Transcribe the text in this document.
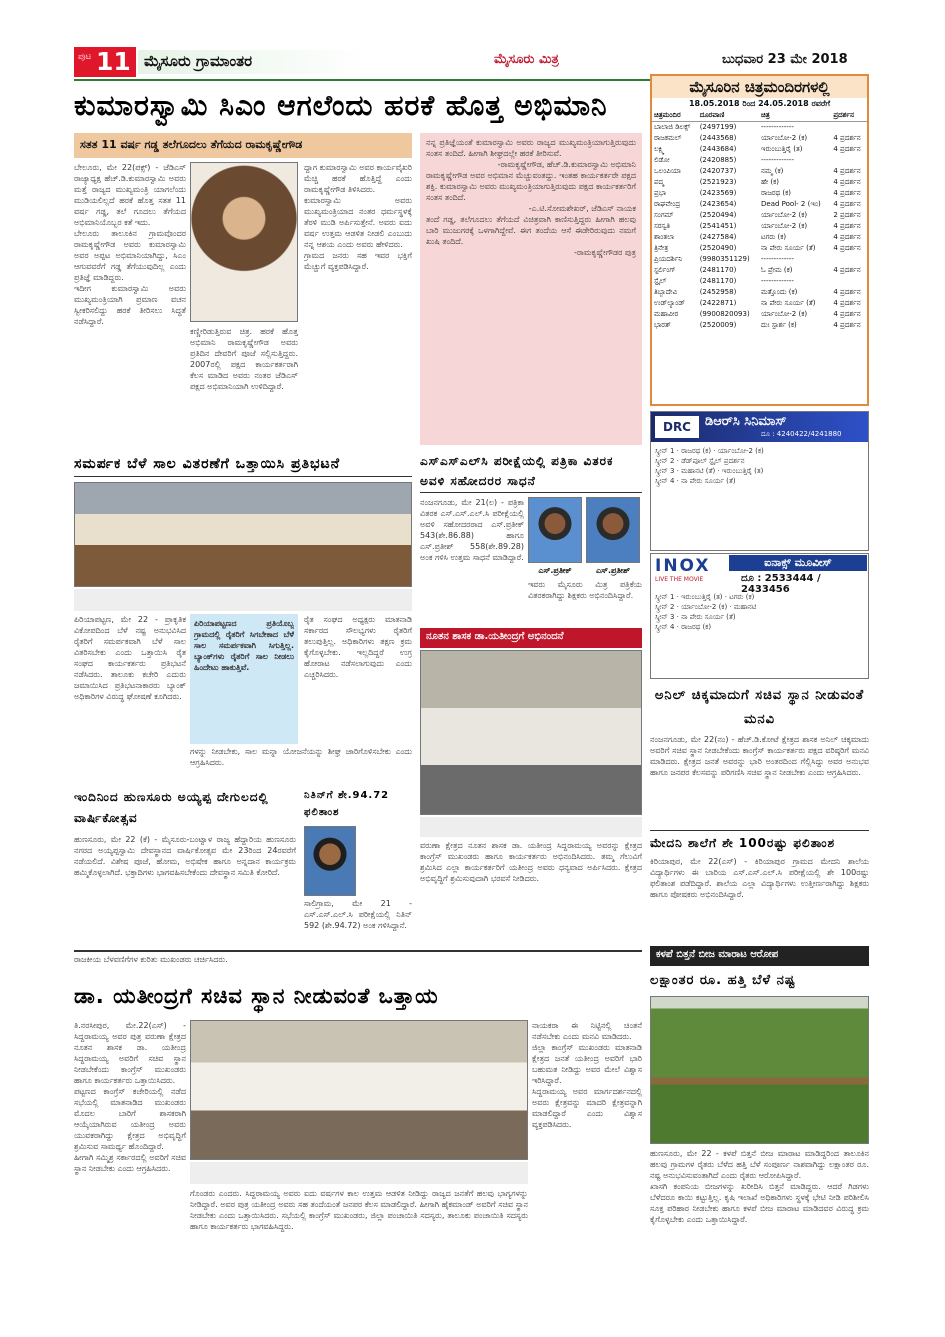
ಪುಟ 11 ಮೈಸೂರು ಗ್ರಾಮಾಂತರ	ಮೈಸೂರು ಮಿತ್ರ	ಬುಧವಾರ 23 ಮೇ 2018
ಕುಮಾರಸ್ವಾಮಿ ಸಿಎಂ ಆಗಲೆಂದು ಹರಕೆ ಹೊತ್ತ ಅಭಿಮಾನಿ
ಸತತ 11 ವರ್ಷ ಗಡ್ಡ ತಲೆಗೂದಲು ತೆಗೆಯದ ರಾಮಕೃಷ್ಣೇಗೌಡ
ಬೇಲೂರು, ಮೇ 22(ಪಕ್ಸ್) - ಜೆಡಿಎಸ್ ರಾಜ್ಯಾಧ್ಯಕ್ಷ ಹೆಚ್.ಡಿ.ಕುಮಾರಸ್ವಾಮಿ ಅವರು ಮತ್ತೆ ರಾಜ್ಯದ ಮುಖ್ಯಮಂತ್ರಿ ಯಾಗಲೆಂದು ಮುಡಿಯಲಿಲ್ಲದೆ ಹರಕೆ ಹೊತ್ತ ಸತತ 11 ವರ್ಷ ಗಡ್ಡ, ತಲೆ ಗೂದಲು ತೆಗೆಯದ ಅಭಿಮಾನಿಯೊಬ್ಬರ ಕತೆ ಇದು.
ಬೇಲೂರು ತಾಲೂಕಿನ ಗ್ರಾಮವೊಂದರ ರಾಮಕೃಷ್ಣೇಗೌಡ ಅವರು ಕುಮಾರಸ್ವಾಮಿ ಅವರ ಅಪ್ಪಟ ಅಭಿಮಾನಿಯಾಗಿದ್ದು, ಸಿಎಂ ಆಗುವವರೆಗೆ ಗಡ್ಡ ತೆಗೆಯುವುದಿಲ್ಲ ಎಂದು ಪ್ರತಿಜ್ಞೆ ಮಾಡಿದ್ದರು.
ಇದೀಗ ಕುಮಾರಸ್ವಾಮಿ ಅವರು ಮುಖ್ಯಮಂತ್ರಿಯಾಗಿ ಪ್ರಮಾಣ ವಚನ ಸ್ವೀಕರಿಸಲಿದ್ದು ಹರಕೆ ತೀರಿಸಲು ಸಿದ್ಧತೆ ನಡೆಸಿದ್ದಾರೆ.
ಕಣ್ಣೀರಿಡುತ್ತಿರುವ ಚಿತ್ರ. ಹರಕೆ ಹೊತ್ತ ಅಭಿಮಾನಿ ರಾಮಕೃಷ್ಣೇಗೌಡ ಅವರು ಪ್ರತಿದಿನ ದೇವರಿಗೆ ಪೂಜೆ ಸಲ್ಲಿಸುತ್ತಿದ್ದರು. 2007ರಲ್ಲಿ ಪಕ್ಷದ ಕಾರ್ಯಕರ್ತರಾಗಿ ಕೆಲಸ ಮಾಡಿದ ಅವರು ನಂತರ ಜೆಡಿಎಸ್ ಪಕ್ಷದ ಅಭಿಮಾನಿಯಾಗಿ ಉಳಿದಿದ್ದಾರೆ.
ದ್ದಾಗ ಕುಮಾರಸ್ವಾಮಿ ಅವರ ಕಾರ್ಯವೈಖರಿ ಮೆಚ್ಚಿ ಹರಕೆ ಹೊತ್ತಿದ್ದೆ ಎಂದು ರಾಮಕೃಷ್ಣೇಗೌಡ ತಿಳಿಸಿದರು.
ಕುಮಾರಸ್ವಾಮಿ ಅವರು ಮುಖ್ಯಮಂತ್ರಿಯಾದ ನಂತರ ಧರ್ಮಸ್ಥಳಕ್ಕೆ ತೆರಳಿ ಮುಡಿ ಅರ್ಪಿಸುತ್ತೇನೆ. ಅವರು ಐದು ವರ್ಷ ಉತ್ತಮ ಆಡಳಿತ ನೀಡಲಿ ಎಂಬುದು ನನ್ನ ಆಶಯ ಎಂದು ಅವರು ಹೇಳಿದರು.
ಗ್ರಾಮದ ಜನರು ಸಹ ಇವರ ಭಕ್ತಿಗೆ ಮೆಚ್ಚುಗೆ ವ್ಯಕ್ತಪಡಿಸಿದ್ದಾರೆ.
ನನ್ನ ಪ್ರತಿಜ್ಞೆಯಂತೆ ಕುಮಾರಸ್ವಾಮಿ ಅವರು ರಾಜ್ಯದ ಮುಖ್ಯಮಂತ್ರಿಯಾಗುತ್ತಿರುವುದು ಸಂತಸ ತಂದಿದೆ. ಹೀಗಾಗಿ ಶೀಘ್ರದಲ್ಲೇ ಹರಕೆ ತೀರಿಸುವೆ.
-ರಾಮಕೃಷ್ಣೇಗೌಡ, ಹೆಚ್.ಡಿ.ಕುಮಾರಸ್ವಾಮಿ ಅಭಿಮಾನಿ
ರಾಮಕೃಷ್ಣೇಗೌಡ ಅವರ ಅಭಿಮಾನ ಮೆಚ್ಚುವಂತದ್ದು. ಇಂತಹ ಕಾರ್ಯಕರ್ತರೇ ಪಕ್ಷದ ಶಕ್ತಿ. ಕುಮಾರಸ್ವಾಮಿ ಅವರು ಮುಖ್ಯಮಂತ್ರಿಯಾಗುತ್ತಿರುವುದು ಪಕ್ಷದ ಕಾರ್ಯಕರ್ತರಿಗೆ ಸಂತಸ ತಂದಿದೆ.
-ಎ.ಟಿ.ಸೋಮಶೇಖರ್, ಜೆಡಿಎಸ್ ನಾಯಕ
ತಂದೆ ಗಡ್ಡ, ತಲೆಗೂದಲು ತೆಗೆಯದೆ ವಿಚಿತ್ರವಾಗಿ ಕಾಣಿಸುತ್ತಿದ್ದರು ಹೀಗಾಗಿ ಹಲವು ಬಾರಿ ಮುಜುಗರಕ್ಕೆ ಒಳಗಾಗಿದ್ದೇವೆ. ಈಗ ತಂದೆಯ ಆಸೆ ಈಡೇರಿರುವುದು ನಮಗೆ ಖುಷಿ ತಂದಿದೆ.
-ರಾಮಕೃಷ್ಣೇಗೌಡರ ಪುತ್ರ
ಮೈಸೂರಿನ ಚಿತ್ರಮಂದಿರಗಳಲ್ಲಿ
18.05.2018 ರಿಂದ 24.05.2018 ರವರೆಗೆ
ಚಿತ್ರಮಂದಿರ	ದೂರವಾಣಿ	ಚಿತ್ರ	ಪ್ರದರ್ಶನ
ಬಾಲಾಜಿ ಡಿಲಕ್ಸ್	(2497199)	-------------	
ರಾಜಕಮಲ್	(2443568)	ರ್ಯಾಂಬೋ-2 (ಕ)	4 ಪ್ರದರ್ಶನ
ಲಕ್ಷ್ಮಿ	(2443684)	ಇರುಂಬುತ್ತಿರೈ (ತ)	4 ಪ್ರದರ್ಶನ
ಲಿಡೋ	(2420885)	-------------	
ಒಲಂಪಿಯಾ	(2420737)	ನಮ್ಮ (ಕ)	4 ಪ್ರದರ್ಶನ
ಪದ್ಮ	(2521923)	ಹೇ (ಕ)	4 ಪ್ರದರ್ಶನ
ಪ್ರಭಾ	(2423569)	ರಾಜರಥ (ಕ)	4 ಪ್ರದರ್ಶನ
ರಾಘವೇಂದ್ರ	(2423654)	Dead Pool- 2 (ಇಂ)	4 ಪ್ರದರ್ಶನ
ಸಂಗಮ್	(2520494)	ರ್ಯಾಂಬೋ-2 (ಕ)	2 ಪ್ರದರ್ಶನ
ಸರಸ್ವತಿ	(2541451)	ರ್ಯಾಂಬೋ-2 (ಕ)	4 ಪ್ರದರ್ಶನ
ಶಾಂತಲಾ	(2427584)	ಟಗರು (ಕ)	4 ಪ್ರದರ್ಶನ
ತ್ರಿನೇತ್ರ	(2520490)	ನಾ ಪೇರು ಸೂರ್ಯ (ತೆ)	4 ಪ್ರದರ್ಶನ
ಪ್ರಿಯದರ್ಶಿನಿ	(9980351129)	-------------	
ಸ್ಟರ್ಲಿಂಗ್	(2481170)	ಓ ಪ್ರೇಮ (ಕ)	4 ಪ್ರದರ್ಶನ
ಸ್ಟೈಲ್	(2481170)	-------------	
ತಿಬ್ಬಾದೇವಿ	(2452958)	ಮತ್ತೊಂದು (ಕ)	4 ಪ್ರದರ್ಶನ
ಉಡ್‌ಲ್ಯಾಂಡ್	(2422871)	ನಾ ಪೇರು ಸೂರ್ಯ (ತೆ)	4 ಪ್ರದರ್ಶನ
ಮಹಾವೀರ	(9900820093)	ರ್ಯಾಂಬೋ-2 (ಕ)	4 ಪ್ರದರ್ಶನ
ಭಾರತ್	(2520009)	ದುಃ ಸ್ಪಾರ್ಶ (ಕ)	4 ಪ್ರದರ್ಶನ
DRC	ಡಿಆರ್‌ಸಿ ಸಿನಿಮಾಸ್
ದೂ : 4240422/4241880
ಸ್ಕ್ರೀನ್ 1 · ರಾಜರಥ (ಕ) · ರ್ಯಾಂಬೋ-2 (ಕ)
ಸ್ಕ್ರೀನ್ 2 · ಡೆಡ್‌ಪೂಲ್ ಸ್ಟೈಲ್ ಪ್ರದರ್ಶನ
ಸ್ಕ್ರೀನ್ 3 · ಮಹಾನಟಿ (ತೆ) · ಇರುಂಬುತ್ತಿರೈ (ತ)
ಸ್ಕ್ರೀನ್ 4 · ನಾ ಪೇರು ಸೂರ್ಯ (ತೆ)
INOX
LIVE THE MOVIE
ಐನಾಕ್ಸ್ ಮೂವೀಸ್
ದೂ : 2533444 / 2433456
ಸ್ಕ್ರೀನ್ 1 · ಇರುಂಬುತ್ತಿರೈ (ತ) · ಟಗರು (ಕ)
ಸ್ಕ್ರೀನ್ 2 · ರ್ಯಾಂಬೋ-2 (ಕ) · ಮಹಾನಟಿ
ಸ್ಕ್ರೀನ್ 3 · ನಾ ಪೇರು ಸೂರ್ಯ (ತೆ)
ಸ್ಕ್ರೀನ್ 4 · ರಾಜರಥ (ಕ)
ಸಮರ್ಪಕ ಬೆಳೆ ಸಾಲ ವಿತರಣೆಗೆ ಒತ್ತಾಯಿಸಿ ಪ್ರತಿಭಟನೆ
ಪಿರಿಯಾಪಟ್ಟಣ, ಮೇ 22 - ಪ್ರಾಕೃತಿಕ ವಿಕೋಪದಿಂದ ಬೆಳೆ ನಷ್ಟ ಅನುಭವಿಸಿದ ರೈತರಿಗೆ ಸಮರ್ಪಕವಾಗಿ ಬೆಳೆ ಸಾಲ ವಿತರಿಸಬೇಕು ಎಂದು ಒತ್ತಾಯಿಸಿ ರೈತ ಸಂಘದ ಕಾರ್ಯಕರ್ತರು ಪ್ರತಿಭಟನೆ ನಡೆಸಿದರು. ತಾಲೂಕು ಕಚೇರಿ ಎದುರು ಜಮಾಯಿಸಿದ ಪ್ರತಿಭಟನಾಕಾರರು ಬ್ಯಾಂಕ್ ಅಧಿಕಾರಿಗಳ ವಿರುದ್ಧ ಘೋಷಣೆ ಕೂಗಿದರು.
ಪಿರಿಯಾಪಟ್ಟಣದ ಪ್ರತಿಯೊಬ್ಬ ಗ್ರಾಮದಲ್ಲಿ ರೈತರಿಗೆ ಸಿಗಬೇಕಾದ ಬೆಳೆ ಸಾಲ ಸಮರ್ಪಕವಾಗಿ ಸಿಗುತ್ತಿಲ್ಲ. ಬ್ಯಾಂಕ್‌ಗಳು ರೈತರಿಗೆ ಸಾಲ ನೀಡಲು ಹಿಂದೇಟು ಹಾಕುತ್ತಿವೆ.
ಗಳನ್ನು ನೀಡಬೇಕು, ಸಾಲ ಮನ್ನಾ ಯೋಜನೆಯನ್ನು ಶೀಘ್ರ ಜಾರಿಗೊಳಿಸಬೇಕು ಎಂದು ಆಗ್ರಹಿಸಿದರು.
ರೈತ ಸಂಘದ ಅಧ್ಯಕ್ಷರು ಮಾತನಾಡಿ ಸರ್ಕಾರದ ಸೌಲಭ್ಯಗಳು ರೈತರಿಗೆ ತಲುಪುತ್ತಿಲ್ಲ. ಅಧಿಕಾರಿಗಳು ತಕ್ಷಣ ಕ್ರಮ ಕೈಗೊಳ್ಳಬೇಕು. ಇಲ್ಲದಿದ್ದರೆ ಉಗ್ರ ಹೋರಾಟ ನಡೆಸಲಾಗುವುದು ಎಂದು ಎಚ್ಚರಿಸಿದರು.
ಎಸ್‌ಎಸ್‌ಎಲ್‌ಸಿ ಪರೀಕ್ಷೆಯಲ್ಲಿ ಪತ್ರಿಕಾ ವಿತರಕ ಅವಳಿ ಸಹೋದರರ ಸಾಧನೆ
ನಂಜನಗೂಡು, ಮೇ 21(ಲ) - ಪತ್ರಿಕಾ ವಿತರಕ ಎಸ್.ಎಸ್.ಎಲ್.ಸಿ ಪರೀಕ್ಷೆಯಲ್ಲಿ ಅವಳಿ ಸಹೋದರರಾದ ಎಸ್.ಪ್ರತೀಕ್ 543(ಶೇ.86.88) ಹಾಗೂ ಎಸ್.ಪ್ರತೀಶ್ 558(ಶೇ.89.28) ಅಂಕ ಗಳಿಸಿ ಉತ್ತಮ ಸಾಧನೆ ಮಾಡಿದ್ದಾರೆ.
ಎಸ್.ಪ್ರತೀಕ್	ಎಸ್.ಪ್ರತೀಶ್
ಇವರು ಮೈಸೂರು ಮಿತ್ರ ಪತ್ರಿಕೆಯ ವಿತರಕರಾಗಿದ್ದು ಶಿಕ್ಷಕರು ಅಭಿನಂದಿಸಿದ್ದಾರೆ.
ನೂತನ ಶಾಸಕ ಡಾ.ಯತೀಂದ್ರಗೆ ಅಭಿನಂದನೆ
ವರುಣಾ ಕ್ಷೇತ್ರದ ನೂತನ ಶಾಸಕ ಡಾ. ಯತೀಂದ್ರ ಸಿದ್ದರಾಮಯ್ಯ ಅವರನ್ನು ಕ್ಷೇತ್ರದ ಕಾಂಗ್ರೆಸ್ ಮುಖಂಡರು ಹಾಗೂ ಕಾರ್ಯಕರ್ತರು ಅಭಿನಂದಿಸಿದರು. ತಮ್ಮ ಗೆಲುವಿಗೆ ಶ್ರಮಿಸಿದ ಎಲ್ಲಾ ಕಾರ್ಯಕರ್ತರಿಗೆ ಯತೀಂದ್ರ ಅವರು ಧನ್ಯವಾದ ಅರ್ಪಿಸಿದರು. ಕ್ಷೇತ್ರದ ಅಭಿವೃದ್ಧಿಗೆ ಶ್ರಮಿಸುವುದಾಗಿ ಭರವಸೆ ನೀಡಿದರು.
ಇಂದಿನಿಂದ ಹುಣಸೂರು ಅಯ್ಯಪ್ಪ ದೇಗುಲದಲ್ಲಿ ವಾರ್ಷಿಕೋತ್ಸವ
ಹುಣಸೂರು, ಮೇ 22 (ಕೆ) - ಮೈಸೂರು-ಬಂಟ್ವಾಳ ರಾಜ್ಯ ಹೆದ್ದಾರಿಯ ಹುಣಸೂರು ನಗರದ ಅಯ್ಯಪ್ಪಸ್ವಾಮಿ ದೇವಸ್ಥಾನದ ವಾರ್ಷಿಕೋತ್ಸವ ಮೇ 23ರಿಂದ 24ರವರೆಗೆ ನಡೆಯಲಿದೆ. ವಿಶೇಷ ಪೂಜೆ, ಹೋಮ, ಅಭಿಷೇಕ ಹಾಗೂ ಅನ್ನದಾನ ಕಾರ್ಯಕ್ರಮ ಹಮ್ಮಿಕೊಳ್ಳಲಾಗಿದೆ. ಭಕ್ತಾದಿಗಳು ಭಾಗವಹಿಸಬೇಕೆಂದು ದೇವಸ್ಥಾನ ಸಮಿತಿ ಕೋರಿದೆ.
ನಿತಿನ್‌ಗೆ ಶೇ.94.72 ಫಲಿತಾಂಶ
ಸಾಲಿಗ್ರಾಮ, ಮೇ 21 - ಎಸ್.ಎಸ್.ಎಲ್.ಸಿ ಪರೀಕ್ಷೆಯಲ್ಲಿ ನಿತಿನ್ 592 (ಶೇ.94.72) ಅಂಕ ಗಳಿಸಿದ್ದಾನೆ.
ಅನಿಲ್ ಚಿಕ್ಕಮಾದುಗೆ ಸಚಿವ ಸ್ಥಾನ ನೀಡುವಂತೆ ಮನವಿ
ನಂಜನಗೂಡು, ಮೇ 22(ನಂ) - ಹೆಚ್.ಡಿ.ಕೋಟೆ ಕ್ಷೇತ್ರದ ಶಾಸಕ ಅನಿಲ್ ಚಿಕ್ಕಮಾದು ಅವರಿಗೆ ಸಚಿವ ಸ್ಥಾನ ನೀಡಬೇಕೆಂದು ಕಾಂಗ್ರೆಸ್ ಕಾರ್ಯಕರ್ತರು ಪಕ್ಷದ ವರಿಷ್ಠರಿಗೆ ಮನವಿ ಮಾಡಿದರು. ಕ್ಷೇತ್ರದ ಜನತೆ ಅವರನ್ನು ಭಾರಿ ಅಂತರದಿಂದ ಗೆಲ್ಲಿಸಿದ್ದು ಅವರ ಅನುಭವ ಹಾಗೂ ಜನಪರ ಕೆಲಸವನ್ನು ಪರಿಗಣಿಸಿ ಸಚಿವ ಸ್ಥಾನ ನೀಡಬೇಕು ಎಂದು ಆಗ್ರಹಿಸಿದರು.
ಮೇದನಿ ಶಾಲೆಗೆ ಶೇ 100ರಷ್ಟು ಫಲಿತಾಂಶ
ಕಿರಿಯಾಪುರ, ಮೇ 22(ಎಸ್) - ಕಿರಿಯಾಪುರ ಗ್ರಾಮದ ಮೇದನಿ ಶಾಲೆಯ ವಿದ್ಯಾರ್ಥಿಗಳು ಈ ಬಾರಿಯ ಎಸ್.ಎಸ್.ಎಲ್.ಸಿ ಪರೀಕ್ಷೆಯಲ್ಲಿ ಶೇ 100ರಷ್ಟು ಫಲಿತಾಂಶ ಪಡೆದಿದ್ದಾರೆ. ಶಾಲೆಯ ಎಲ್ಲಾ ವಿದ್ಯಾರ್ಥಿಗಳು ಉತ್ತೀರ್ಣರಾಗಿದ್ದು ಶಿಕ್ಷಕರು ಹಾಗೂ ಪೋಷಕರು ಅಭಿನಂದಿಸಿದ್ದಾರೆ.
ರಾಜಕೀಯ ಬೆಳವಣಿಗೆಗಳ ಕುರಿತು ಮುಖಂಡರು ಚರ್ಚಿಸಿದರು.
ಡಾ. ಯತೀಂದ್ರಗೆ ಸಚಿವ ಸ್ಥಾನ ನೀಡುವಂತೆ ಒತ್ತಾಯ
ತಿ.ನರಸೀಪುರ, ಮೇ.22(ಎಸ್) - ಸಿದ್ದರಾಮಯ್ಯ ಅವರ ಪುತ್ರ ವರುಣಾ ಕ್ಷೇತ್ರದ ನೂತನ ಶಾಸಕ ಡಾ. ಯತೀಂದ್ರ ಸಿದ್ದರಾಮಯ್ಯ ಅವರಿಗೆ ಸಚಿವ ಸ್ಥಾನ ನೀಡಬೇಕೆಂದು ಕಾಂಗ್ರೆಸ್ ಮುಖಂಡರು ಹಾಗೂ ಕಾರ್ಯಕರ್ತರು ಒತ್ತಾಯಿಸಿದರು.
ಪಟ್ಟಣದ ಕಾಂಗ್ರೆಸ್ ಕಚೇರಿಯಲ್ಲಿ ನಡೆದ ಸಭೆಯಲ್ಲಿ ಮಾತನಾಡಿದ ಮುಖಂಡರು ಮೊದಲ ಬಾರಿಗೆ ಶಾಸಕರಾಗಿ ಆಯ್ಕೆಯಾಗಿರುವ ಯತೀಂದ್ರ ಅವರು ಯುವಕರಾಗಿದ್ದು ಕ್ಷೇತ್ರದ ಅಭಿವೃದ್ಧಿಗೆ ಶ್ರಮಿಸುವ ಸಾಮರ್ಥ್ಯ ಹೊಂದಿದ್ದಾರೆ.
ಹೀಗಾಗಿ ಸಮ್ಮಿಶ್ರ ಸರ್ಕಾರದಲ್ಲಿ ಅವರಿಗೆ ಸಚಿವ ಸ್ಥಾನ ನೀಡಬೇಕು ಎಂದು ಆಗ್ರಹಿಸಿದರು.
ಗೊಂಡರು ಎಂದರು. ಸಿದ್ದರಾಮಯ್ಯ ಅವರು ಐದು ವರ್ಷಗಳ ಕಾಲ ಉತ್ತಮ ಆಡಳಿತ ನೀಡಿದ್ದು ರಾಜ್ಯದ ಜನತೆಗೆ ಹಲವು ಭಾಗ್ಯಗಳನ್ನು ನೀಡಿದ್ದಾರೆ. ಅವರ ಪುತ್ರ ಯತೀಂದ್ರ ಅವರು ಸಹ ತಂದೆಯಂತೆ ಜನಪರ ಕೆಲಸ ಮಾಡಲಿದ್ದಾರೆ. ಹೀಗಾಗಿ ಹೈಕಮಾಂಡ್ ಅವರಿಗೆ ಸಚಿವ ಸ್ಥಾನ ನೀಡಬೇಕು ಎಂದು ಒತ್ತಾಯಿಸಿದರು. ಸಭೆಯಲ್ಲಿ ಕಾಂಗ್ರೆಸ್ ಮುಖಂಡರು, ಜಿಲ್ಲಾ ಪಂಚಾಯಿತಿ ಸದಸ್ಯರು, ತಾಲೂಕು ಪಂಚಾಯಿತಿ ಸದಸ್ಯರು ಹಾಗೂ ಕಾರ್ಯಕರ್ತರು ಭಾಗವಹಿಸಿದ್ದರು.
ನಾಯಕರಾ ಈ ನಿಟ್ಟಿನಲ್ಲಿ ಚಿಂತನೆ ನಡೆಸಬೇಕು ಎಂದು ಮನವಿ ಮಾಡಿದರು.
ಜಿಲ್ಲಾ ಕಾಂಗ್ರೆಸ್ ಮುಖಂಡರು ಮಾತನಾಡಿ ಕ್ಷೇತ್ರದ ಜನತೆ ಯತೀಂದ್ರ ಅವರಿಗೆ ಭಾರಿ ಬಹುಮತ ನೀಡಿದ್ದು ಅವರ ಮೇಲೆ ವಿಶ್ವಾಸ ಇರಿಸಿದ್ದಾರೆ.
ಸಿದ್ದರಾಮಯ್ಯ ಅವರ ಮಾರ್ಗದರ್ಶನದಲ್ಲಿ ಅವರು ಕ್ಷೇತ್ರವನ್ನು ಮಾದರಿ ಕ್ಷೇತ್ರವನ್ನಾಗಿ ಮಾಡಲಿದ್ದಾರೆ ಎಂದು ವಿಶ್ವಾಸ ವ್ಯಕ್ತಪಡಿಸಿದರು.
ಕಳಪೆ ಬಿತ್ತನೆ ಬೀಜ ಮಾರಾಟ ಆರೋಪ
ಲಕ್ಷಾಂತರ ರೂ. ಹತ್ತಿ ಬೆಳೆ ನಷ್ಟ
ಹುಣಸೂರು, ಮೇ 22 - ಕಳಪೆ ಬಿತ್ತನೆ ಬೀಜ ಮಾರಾಟ ಮಾಡಿದ್ದರಿಂದ ತಾಲೂಕಿನ ಹಲವು ಗ್ರಾಮಗಳ ರೈತರು ಬೆಳೆದ ಹತ್ತಿ ಬೆಳೆ ಸಂಪೂರ್ಣ ನಾಶವಾಗಿದ್ದು ಲಕ್ಷಾಂತರ ರೂ. ನಷ್ಟ ಅನುಭವಿಸುವಂತಾಗಿದೆ ಎಂದು ರೈತರು ಆರೋಪಿಸಿದ್ದಾರೆ.
ಖಾಸಗಿ ಕಂಪನಿಯ ಬೀಜಗಳನ್ನು ಖರೀದಿಸಿ ಬಿತ್ತನೆ ಮಾಡಿದ್ದರು. ಆದರೆ ಗಿಡಗಳು ಬೆಳೆದರೂ ಕಾಯಿ ಕಟ್ಟುತ್ತಿಲ್ಲ. ಕೃಷಿ ಇಲಾಖೆ ಅಧಿಕಾರಿಗಳು ಸ್ಥಳಕ್ಕೆ ಭೇಟಿ ನೀಡಿ ಪರಿಶೀಲಿಸಿ ಸೂಕ್ತ ಪರಿಹಾರ ನೀಡಬೇಕು ಹಾಗೂ ಕಳಪೆ ಬೀಜ ಮಾರಾಟ ಮಾಡಿದವರ ವಿರುದ್ಧ ಕ್ರಮ ಕೈಗೊಳ್ಳಬೇಕು ಎಂದು ಒತ್ತಾಯಿಸಿದ್ದಾರೆ.
